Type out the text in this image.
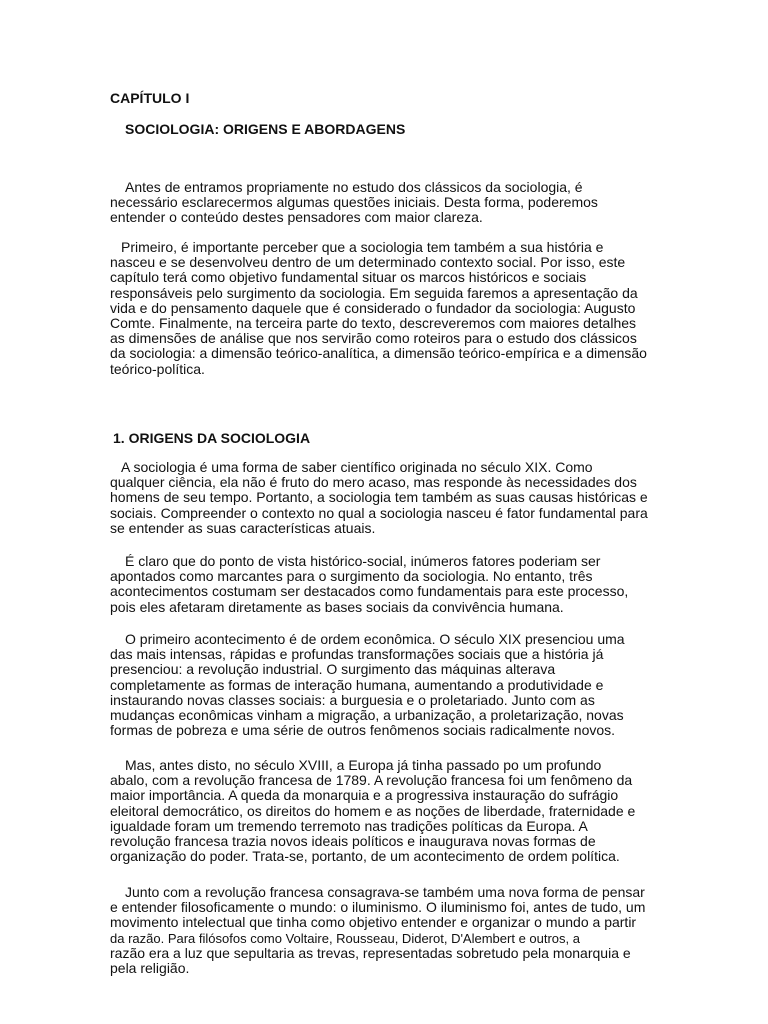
CAPÍTULO I
SOCIOLOGIA: ORIGENS E ABORDAGENS

Antes de entramos propriamente no estudo dos clássicos da sociologia, é
necessário esclarecermos algumas questões iniciais. Desta forma, poderemos
entender o conteúdo destes pensadores com maior clareza.

Primeiro, é importante perceber que a sociologia tem também a sua história e
nasceu e se desenvolveu dentro de um determinado contexto social. Por isso, este
capítulo terá como objetivo fundamental situar os marcos históricos e sociais
responsáveis pelo surgimento da sociologia. Em seguida faremos a apresentação da
vida e do pensamento daquele que é considerado o fundador da sociologia: Augusto
Comte. Finalmente, na terceira parte do texto, descreveremos com maiores detalhes
as dimensões de análise que nos servirão como roteiros para o estudo dos clássicos
da sociologia: a dimensão teórico-analítica, a dimensão teórico-empírica e a dimensão
teórico-política.

1. ORIGENS DA SOCIOLOGIA

A sociologia é uma forma de saber científico originada no século XIX. Como
qualquer ciência, ela não é fruto do mero acaso, mas responde às necessidades dos
homens de seu tempo. Portanto, a sociologia tem também as suas causas históricas e
sociais. Compreender o contexto no qual a sociologia nasceu é fator fundamental para
se entender as suas características atuais.

É claro que do ponto de vista histórico-social, inúmeros fatores poderiam ser
apontados como marcantes para o surgimento da sociologia. No entanto, três
acontecimentos costumam ser destacados como fundamentais para este processo,
pois eles afetaram diretamente as bases sociais da convivência humana.

O primeiro acontecimento é de ordem econômica. O século XIX presenciou uma
das mais intensas, rápidas e profundas transformações sociais que a história já
presenciou: a revolução industrial. O surgimento das máquinas alterava
completamente as formas de interação humana, aumentando a produtividade e
instaurando novas classes sociais: a burguesia e o proletariado. Junto com as
mudanças econômicas vinham a migração, a urbanização, a proletarização, novas
formas de pobreza e uma série de outros fenômenos sociais radicalmente novos.

Mas, antes disto, no século XVIII, a Europa já tinha passado po um profundo
abalo, com a revolução francesa de 1789. A revolução francesa foi um fenômeno da
maior importância. A queda da monarquia e a progressiva instauração do sufrágio
eleitoral democrático, os direitos do homem e as noções de liberdade, fraternidade e
igualdade foram um tremendo terremoto nas tradições políticas da Europa. A
revolução francesa trazia novos ideais políticos e inaugurava novas formas de
organização do poder. Trata-se, portanto, de um acontecimento de ordem política.

Junto com a revolução francesa consagrava-se também uma nova forma de pensar
e entender filosoficamente o mundo: o iluminismo. O iluminismo foi, antes de tudo, um
movimento intelectual que tinha como objetivo entender e organizar o mundo a partir
da razão. Para filósofos como Voltaire, Rousseau, Diderot, D'Alembert e outros, a
razão era a luz que sepultaria as trevas, representadas sobretudo pela monarquia e
pela religião.
